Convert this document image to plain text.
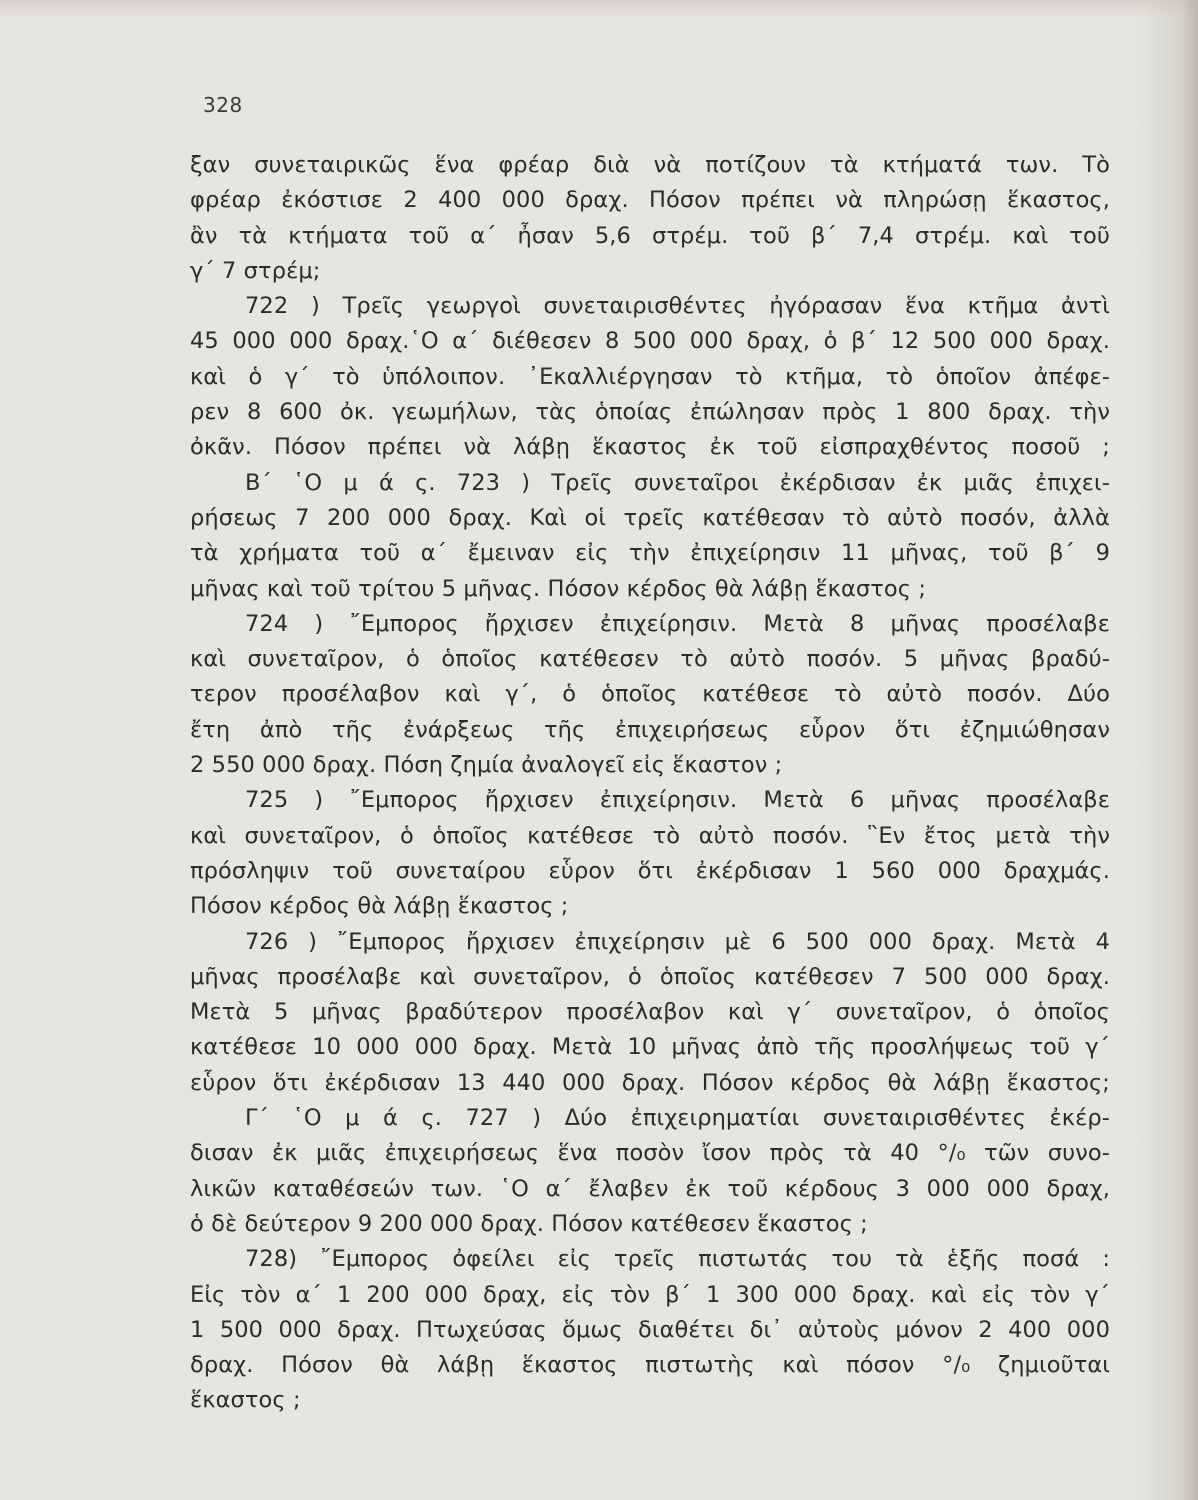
328
ξαν συνεταιρικῶς ἕνα φρέαρ διὰ νὰ ποτίζουν τὰ κτήματά των. Τὸ
φρέαρ ἐκόστισε 2 400 000 δραχ. Πόσον πρέπει νὰ πληρώσῃ ἕκαστος,
ἂν τὰ κτήματα τοῦ α΄ ἦσαν 5,6 στρέμ. τοῦ β΄ 7,4 στρέμ. καὶ τοῦ
γ΄ 7 στρέμ;
722 ) Τρεῖς γεωργοὶ συνεταιρισθέντες ἠγόρασαν ἕνα κτῆμα ἀντὶ
45 000 000 δραχ.῾Ο α΄ διέθεσεν 8 500 000 δραχ, ὁ β΄ 12 500 000 δραχ.
καὶ ὁ γ΄ τὸ ὑπόλοιπον. ᾿Εκαλλιέργησαν τὸ κτῆμα, τὸ ὁποῖον ἀπέφε-
ρεν 8 600 ὀκ. γεωμήλων, τὰς ὁποίας ἐπώλησαν πρὸς 1 800 δραχ. τὴν
ὀκᾶν. Πόσον πρέπει νὰ λάβῃ ἕκαστος ἐκ τοῦ εἰσπραχθέντος ποσοῦ ;
Β΄ ῾Ο μ ά ς. 723 ) Τρεῖς συνεταῖροι ἐκέρδισαν ἐκ μιᾶς ἐπιχει-
ρήσεως 7 200 000 δραχ. Καὶ οἱ τρεῖς κατέθεσαν τὸ αὐτὸ ποσόν, ἀλλὰ
τὰ χρήματα τοῦ α΄ ἔμειναν εἰς τὴν ἐπιχείρησιν 11 μῆνας, τοῦ β΄ 9
μῆνας καὶ τοῦ τρίτου 5 μῆνας. Πόσον κέρδος θὰ λάβῃ ἕκαστος ;
724 ) ῎Εμπορος ἤρχισεν ἐπιχείρησιν. Μετὰ 8 μῆνας προσέλαβε
καὶ συνεταῖρον, ὁ ὁποῖος κατέθεσεν τὸ αὐτὸ ποσόν. 5 μῆνας βραδύ-
τερον προσέλαβον καὶ γ΄, ὁ ὁποῖος κατέθεσε τὸ αὐτὸ ποσόν. Δύο
ἔτη ἀπὸ τῆς ἐνάρξεως τῆς ἐπιχειρήσεως εὗρον ὅτι ἐζημιώθησαν
2 550 000 δραχ. Πόση ζημία ἀναλογεῖ εἰς ἕκαστον ;
725 ) ῎Εμπορος ἤρχισεν ἐπιχείρησιν. Μετὰ 6 μῆνας προσέλαβε
καὶ συνεταῖρον, ὁ ὁποῖος κατέθεσε τὸ αὐτὸ ποσόν. ῝Εν ἔτος μετὰ τὴν
πρόσληψιν τοῦ συνεταίρου εὗρον ὅτι ἐκέρδισαν 1 560 000 δραχμάς.
Πόσον κέρδος θὰ λάβῃ ἕκαστος ;
726 ) ῎Εμπορος ἤρχισεν ἐπιχείρησιν μὲ 6 500 000 δραχ. Μετὰ 4
μῆνας προσέλαβε καὶ συνεταῖρον, ὁ ὁποῖος κατέθεσεν 7 500 000 δραχ.
Μετὰ 5 μῆνας βραδύτερον προσέλαβον καὶ γ΄ συνεταῖρον, ὁ ὁποῖος
κατέθεσε 10 000 000 δραχ. Μετὰ 10 μῆνας ἀπὸ τῆς προσλήψεως τοῦ γ΄
εὗρον ὅτι ἐκέρδισαν 13 440 000 δραχ. Πόσον κέρδος θὰ λάβῃ ἕκαστος;
Γ΄ ῾Ο μ ά ς. 727 ) Δύο ἐπιχειρηματίαι συνεταιρισθέντες ἐκέρ-
δισαν ἐκ μιᾶς ἐπιχειρήσεως ἕνα ποσὸν ἴσον πρὸς τὰ 40 °/₀ τῶν συνο-
λικῶν καταθέσεών των. ῾Ο α΄ ἔλαβεν ἐκ τοῦ κέρδους 3 000 000 δραχ,
ὁ δὲ δεύτερον 9 200 000 δραχ. Πόσον κατέθεσεν ἕκαστος ;
728) ῎Εμπορος ὀφείλει εἰς τρεῖς πιστωτάς του τὰ ἑξῆς ποσά :
Εἰς τὸν α΄ 1 200 000 δραχ, εἰς τὸν β΄ 1 300 000 δραχ. καὶ εἰς τὸν γ΄
1 500 000 δραχ. Πτωχεύσας ὅμως διαθέτει δι᾿ αὐτοὺς μόνον 2 400 000
δραχ. Πόσον θὰ λάβῃ ἕκαστος πιστωτὴς καὶ πόσον °/₀ ζημιοῦται
ἕκαστος ;
